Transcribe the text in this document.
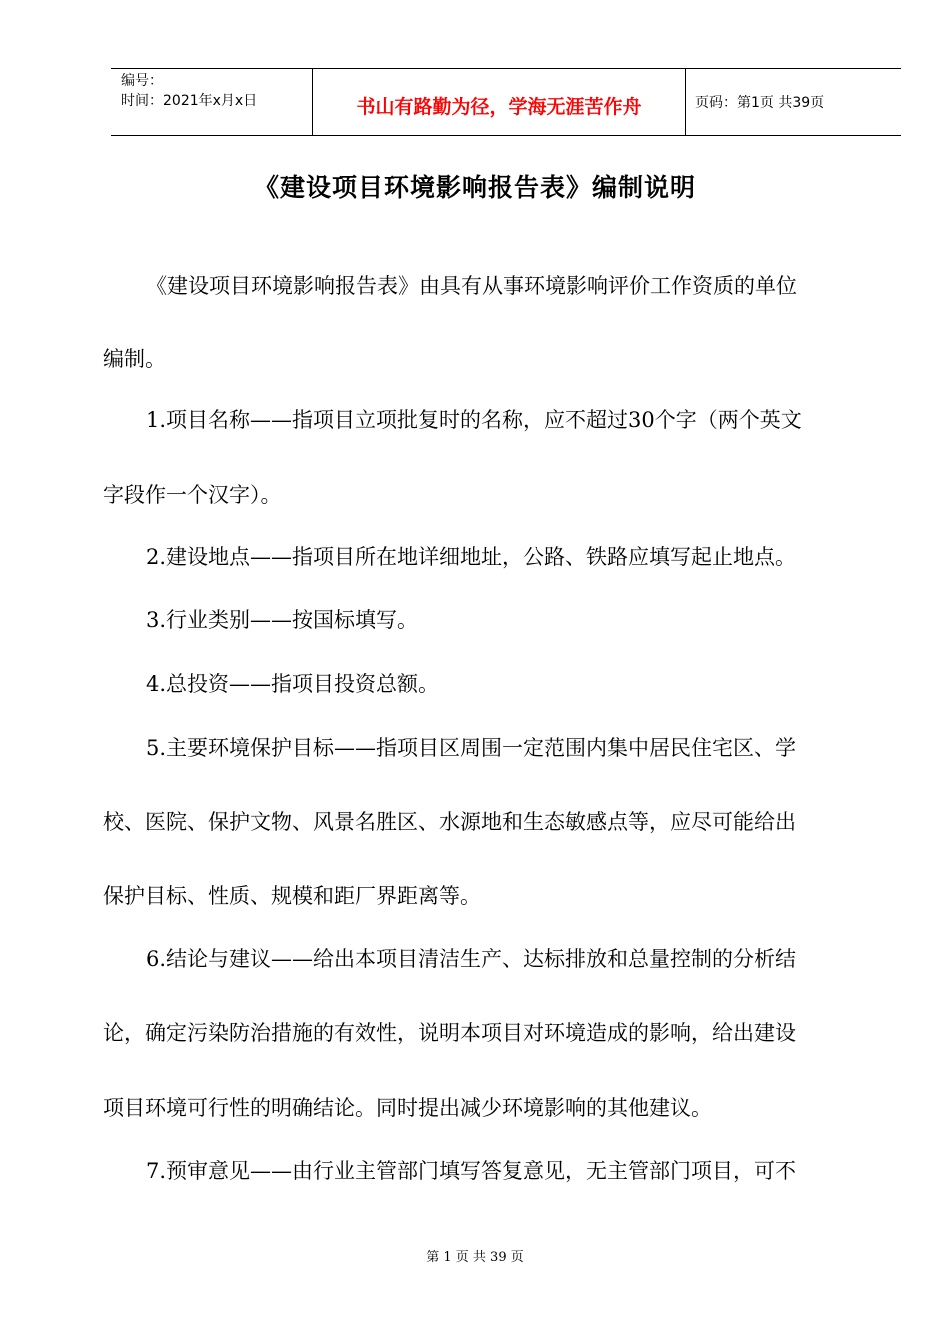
编号：
时间：2021年x月x日	书山有路勤为径，学海无涯苦作舟	页码：第1页 共39页
《建设项目环境影响报告表》编制说明
《建设项目环境影响报告表》由具有从事环境影响评价工作资质的单位
编制。
1.项目名称——指项目立项批复时的名称，应不超过30个字（两个英文
字段作一个汉字）。
2.建设地点——指项目所在地详细地址，公路、铁路应填写起止地点。
3.行业类别——按国标填写。
4.总投资——指项目投资总额。
5.主要环境保护目标——指项目区周围一定范围内集中居民住宅区、学
校、医院、保护文物、风景名胜区、水源地和生态敏感点等，应尽可能给出
保护目标、性质、规模和距厂界距离等。
6.结论与建议——给出本项目清洁生产、达标排放和总量控制的分析结
论，确定污染防治措施的有效性，说明本项目对环境造成的影响，给出建设
项目环境可行性的明确结论。同时提出减少环境影响的其他建议。
7.预审意见——由行业主管部门填写答复意见，无主管部门项目，可不
第 1 页 共 39 页
